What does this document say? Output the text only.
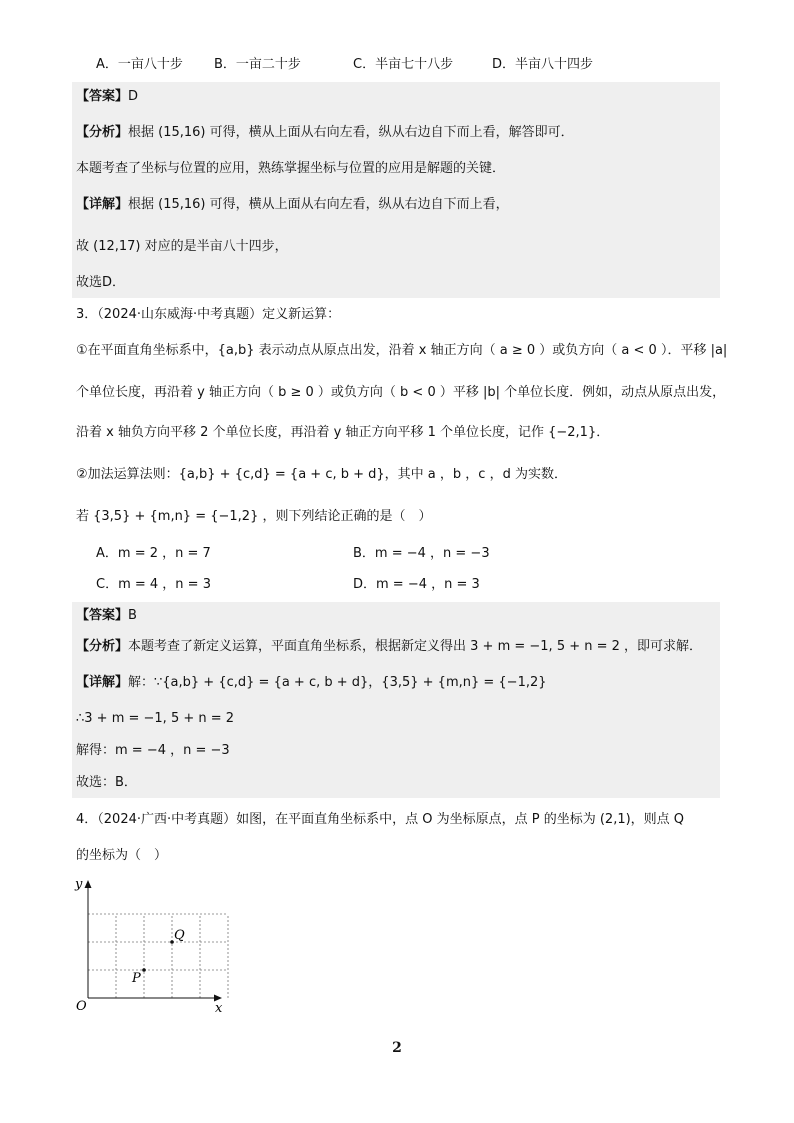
A．一亩八十步 B．一亩二十步	C．半亩七十八步	D．半亩八十四步
【答案】D
【分析】根据 (15,16) 可得，横从上面从右向左看，纵从右边自下而上看，解答即可．
本题考查了坐标与位置的应用，熟练掌握坐标与位置的应用是解题的关键．
【详解】根据 (15,16) 可得，横从上面从右向左看，纵从右边自下而上看，
故 (12,17) 对应的是半亩八十四步，
故选D．
3．（2024·山东威海·中考真题）定义新运算：
①在平面直角坐标系中，{a,b} 表示动点从原点出发，沿着 x 轴正方向（ a ≥ 0 ）或负方向（ a < 0 ）．平移 |a|
个单位长度，再沿着 y 轴正方向（ b ≥ 0 ）或负方向（ b < 0 ）平移 |b| 个单位长度．例如，动点从原点出发，
沿着 x 轴负方向平移 2 个单位长度，再沿着 y 轴正方向平移 1 个单位长度，记作 {−2,1}．
②加法运算法则：{a,b} + {c,d} = {a + c, b + d}，其中 a ，b ，c ，d 为实数．
若 {3,5} + {m,n} = {−1,2} ，则下列结论正确的是（　）
A．m = 2 ，n = 7	B．m = −4 ，n = −3
C．m = 4 ，n = 3	D．m = −4 ，n = 3
【答案】B
【分析】本题考查了新定义运算，平面直角坐标系，根据新定义得出 3 + m = −1, 5 + n = 2 ，即可求解．
【详解】解：∵{a,b} + {c,d} = {a + c, b + d}，{3,5} + {m,n} = {−1,2}
∴3 + m = −1, 5 + n = 2
解得：m = −4 ，n = −3
故选：B．
4．（2024·广西·中考真题）如图，在平面直角坐标系中，点 O 为坐标原点，点 P 的坐标为 (2,1)，则点 Q
的坐标为（　）
y
x
O
Q
P
2
